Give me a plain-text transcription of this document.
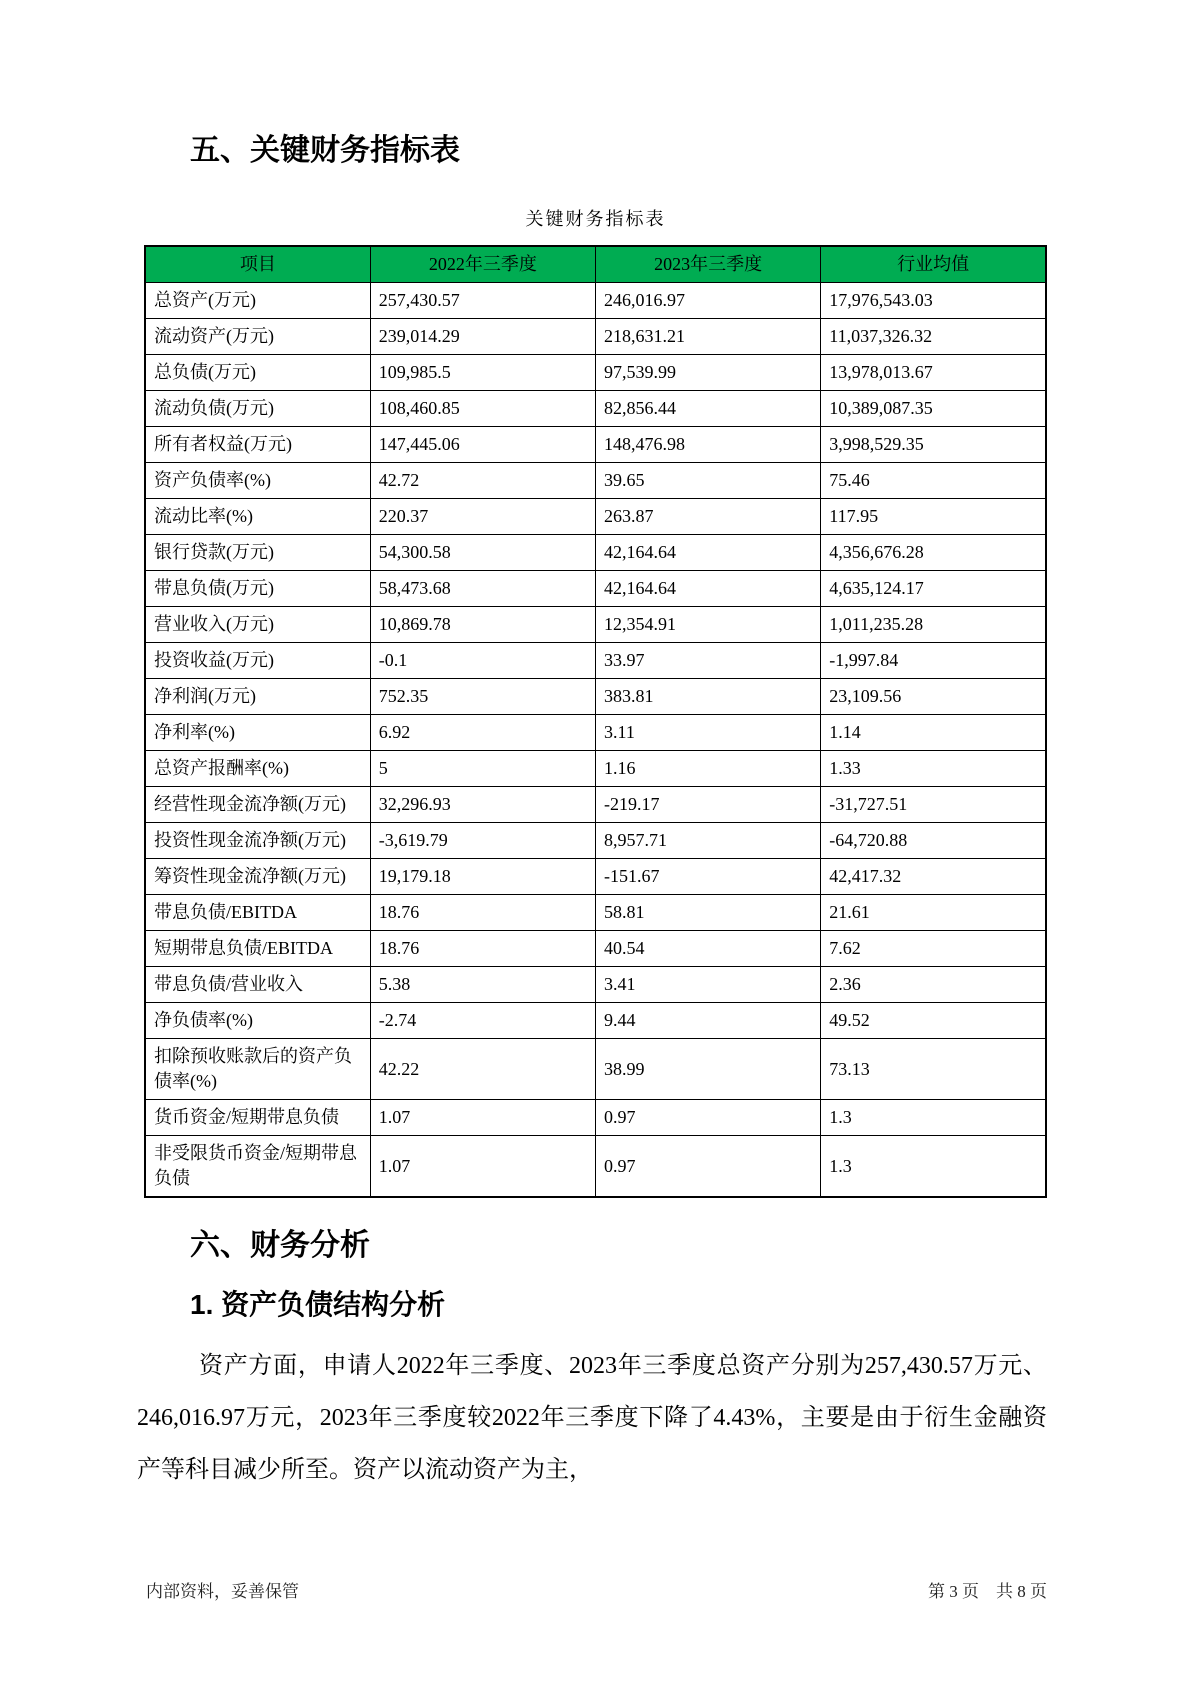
五、关键财务指标表
关键财务指标表
项目	2022年三季度	2023年三季度	行业均值
总资产(万元)	257,430.57	246,016.97	17,976,543.03
流动资产(万元)	239,014.29	218,631.21	11,037,326.32
总负债(万元)	109,985.5	97,539.99	13,978,013.67
流动负债(万元)	108,460.85	82,856.44	10,389,087.35
所有者权益(万元)	147,445.06	148,476.98	3,998,529.35
资产负债率(%)	42.72	39.65	75.46
流动比率(%)	220.37	263.87	117.95
银行贷款(万元)	54,300.58	42,164.64	4,356,676.28
带息负债(万元)	58,473.68	42,164.64	4,635,124.17
营业收入(万元)	10,869.78	12,354.91	1,011,235.28
投资收益(万元)	-0.1	33.97	-1,997.84
净利润(万元)	752.35	383.81	23,109.56
净利率(%)	6.92	3.11	1.14
总资产报酬率(%)	5	1.16	1.33
经营性现金流净额(万元)	32,296.93	-219.17	-31,727.51
投资性现金流净额(万元)	-3,619.79	8,957.71	-64,720.88
筹资性现金流净额(万元)	19,179.18	-151.67	42,417.32
带息负债/EBITDA	18.76	58.81	21.61
短期带息负债/EBITDA	18.76	40.54	7.62
带息负债/营业收入	5.38	3.41	2.36
净负债率(%)	-2.74	9.44	49.52
扣除预收账款后的资产负债率(%)	42.22	38.99	73.13
货币资金/短期带息负债	1.07	0.97	1.3
非受限货币资金/短期带息负债	1.07	0.97	1.3
六、财务分析
1. 资产负债结构分析
资产方面，申请人2022年三季度、2023年三季度总资产分别为257,430.57万元、246,016.97万元，2023年三季度较2022年三季度下降了4.43%，主要是由于衍生金融资产等科目减少所至。资产以流动资产为主，
内部资料，妥善保管	第 3 页　共 8 页
